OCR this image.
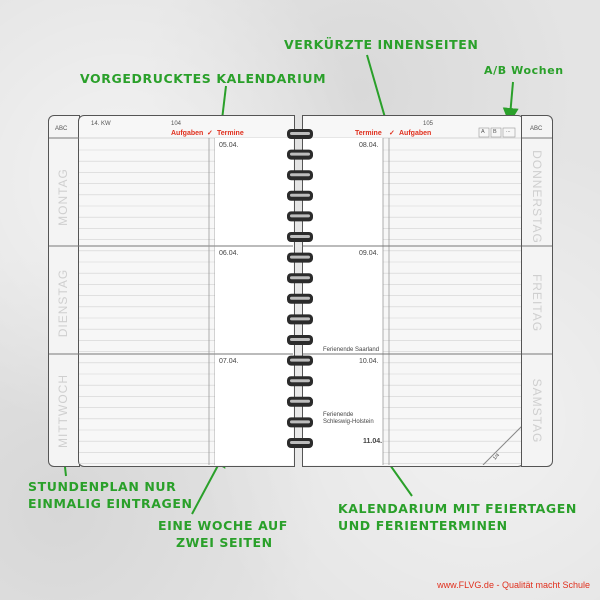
VORGEDRUCKTES KALENDARIUM
VERKÜRZTE INNENSEITEN
A/B Wochen
STUNDENPLAN NUR
EINMALIG EINTRAGEN
EINE WOCHE AUF
ZWEI SEITEN
KALENDARIUM MIT FEIERTAGEN
UND FERIENTERMINEN
ABC
14. KW	104
Aufgaben ✓ Termine
05.04.
06.04.
07.04.
MONTAG
DIENSTAG
MITTWOCH
105
Termine ✓ Aufgaben	A B ...
08.04.
09.04.
10.04.
Ferienende Saarland
Ferienende
Schleswig-Holstein
11.04.
1/4
ABC
DONNERSTAG
FREITAG
SAMSTAG
www.FLVG.de - Qualität macht Schule
